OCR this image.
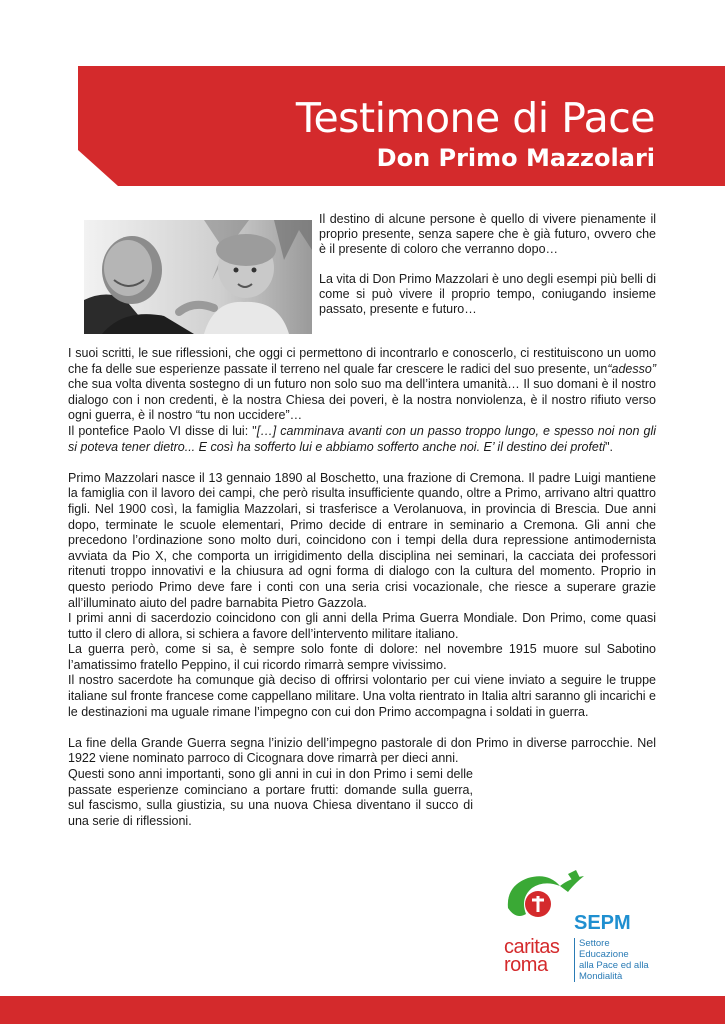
Testimone di Pace
Don Primo Mazzolari

Il destino di alcune persone è quello di vivere pienamente il proprio presente, senza sapere che è già futuro, ovvero che è il presente di coloro che verranno dopo…

La vita di Don Primo Mazzolari è uno degli esempi più belli di come si può vivere il proprio tempo, coniugando insieme passato, presente e futuro…

I suoi scritti, le sue riflessioni, che oggi ci permettono di incontrarlo e conoscerlo, ci restituiscono un uomo che fa delle sue esperienze passate il terreno nel quale far crescere le radici del suo presente, un“adesso” che sua volta diventa sostegno di un futuro non solo suo ma dell’intera umanità… Il suo domani è il nostro dialogo con i non credenti, è la nostra Chiesa dei poveri, è la nostra nonviolenza, è il nostro rifiuto verso ogni guerra, è il nostro “tu non uccidere”…

Il pontefice Paolo VI disse di lui: "[…] camminava avanti con un passo troppo lungo, e spesso noi non gli si poteva tener dietro... E così ha sofferto lui e abbiamo sofferto anche noi. E’ il destino dei profeti".

Primo Mazzolari nasce il 13 gennaio 1890 al Boschetto, una frazione di Cremona. Il padre Luigi mantiene la famiglia con il lavoro dei campi, che però risulta insufficiente quando, oltre a Primo, arrivano altri quattro figli. Nel 1900 così, la famiglia Mazzolari, si trasferisce a Verolanuova, in provincia di Brescia. Due anni dopo, terminate le scuole elementari, Primo decide di entrare in seminario a Cremona. Gli anni che precedono l’ordinazione sono molto duri, coincidono con i tempi della dura repressione antimodernista avviata da Pio X, che comporta un irrigidimento della disciplina nei seminari, la cacciata dei professori ritenuti troppo innovativi e la chiusura ad ogni forma di dialogo con la cultura del momento. Proprio in questo periodo Primo deve fare i conti con una seria crisi vocazionale, che riesce a superare grazie all’illuminato aiuto del padre barnabita Pietro Gazzola.

I primi anni di sacerdozio coincidono con gli anni della Prima Guerra Mondiale. Don Primo, come quasi tutto il clero di allora, si schiera a favore dell’intervento militare italiano.

La guerra però, come si sa, è sempre solo fonte di dolore: nel novembre 1915 muore sul Sabotino l’amatissimo fratello Peppino, il cui ricordo rimarrà sempre vivissimo.

Il nostro sacerdote ha comunque già deciso di offrirsi volontario per cui viene inviato a seguire le truppe italiane sul fronte francese come cappellano militare. Una volta rientrato in Italia altri saranno gli incarichi e le destinazioni ma uguale rimane l’impegno con cui don Primo accompagna i soldati in guerra.

La fine della Grande Guerra segna l’inizio dell’impegno pastorale di don Primo in diverse parrocchie. Nel 1922 viene nominato parroco di Cicognara dove rimarrà per dieci anni.

Questi sono anni importanti, sono gli anni in cui in don Primo i semi delle passate esperienze cominciano a portare frutti: domande sulla guerra, sul fascismo, sulla giustizia, su una nuova Chiesa diventano il succo di una serie di riflessioni.

caritas
roma
SEPM
Settore Educazione
alla Pace ed alla
Mondialità
